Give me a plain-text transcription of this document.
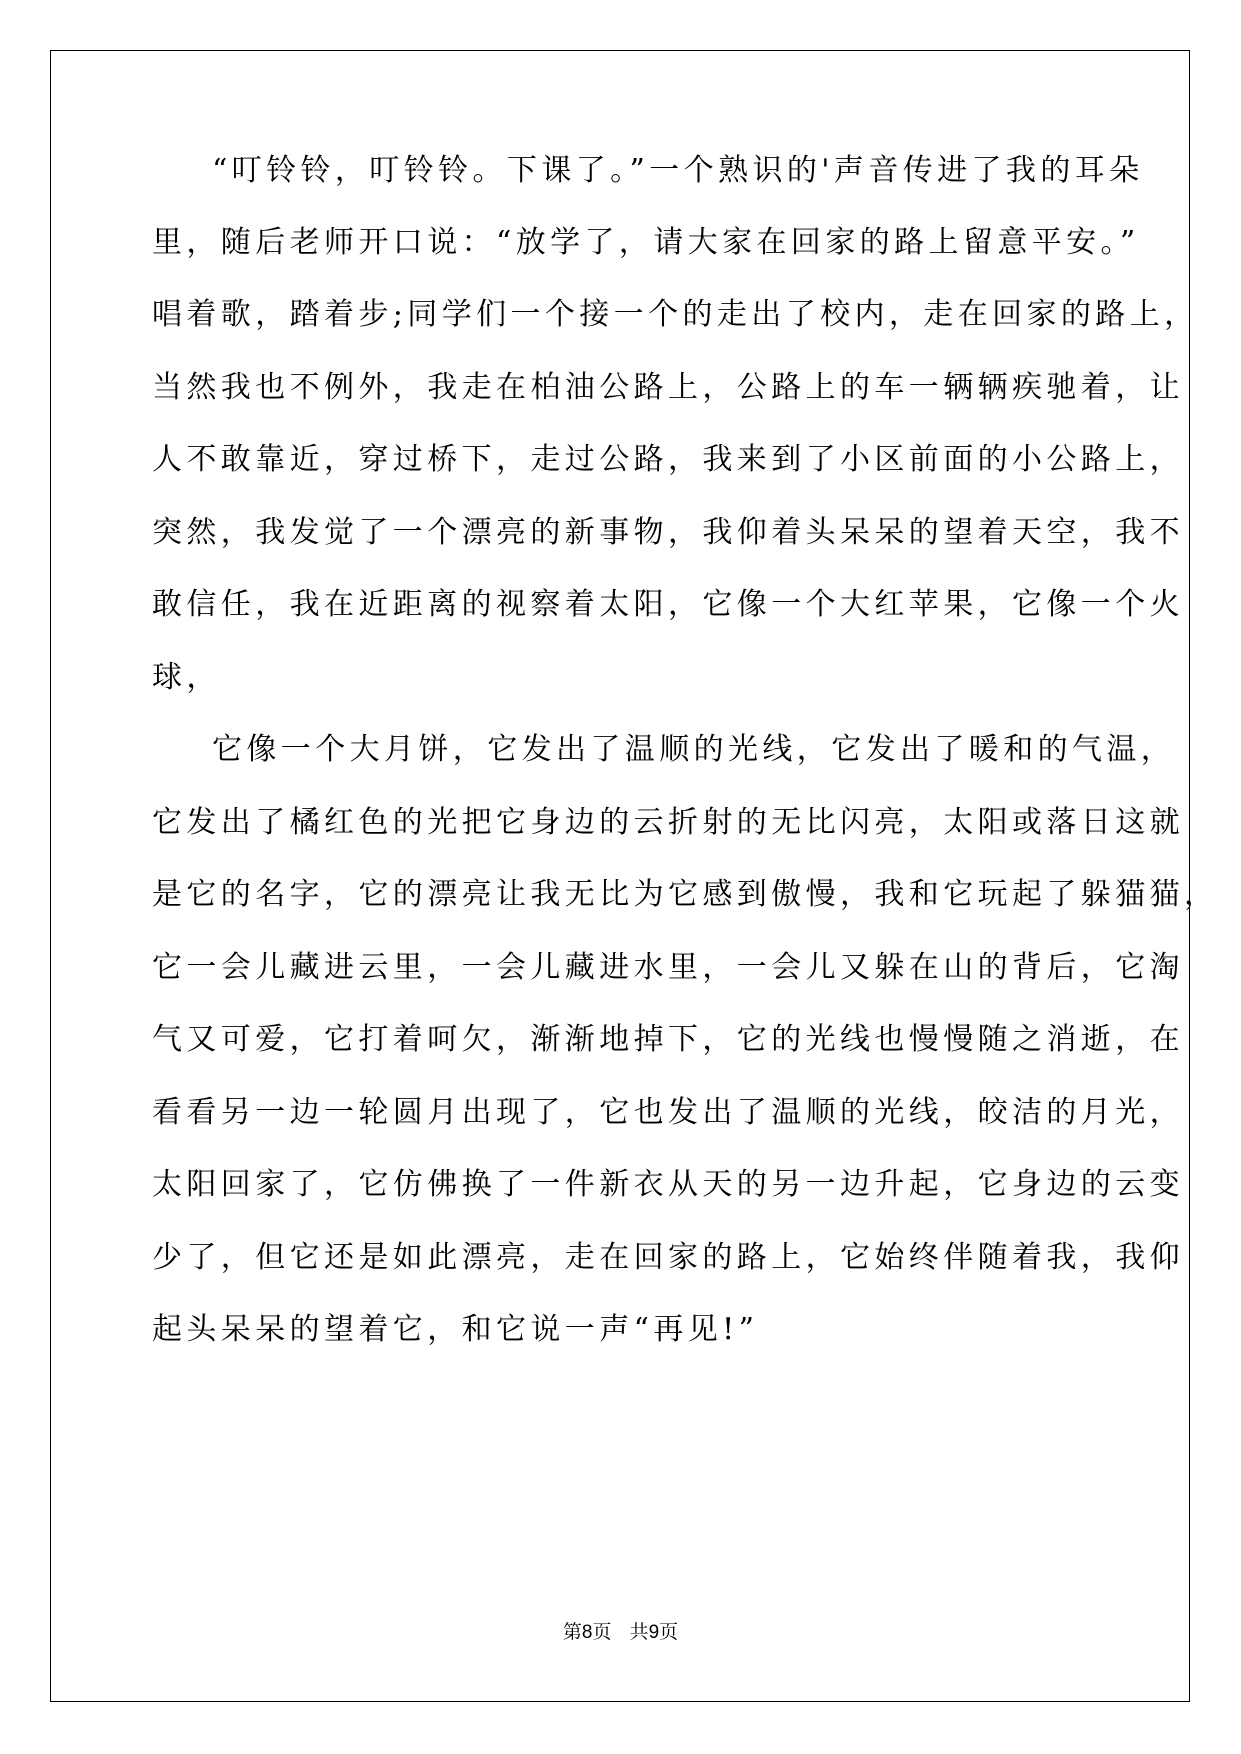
“叮铃铃，叮铃铃。下课了。”一个熟识的'声音传进了我的耳朵
里，随后老师开口说：“放学了，请大家在回家的路上留意平安。”
唱着歌，踏着步;同学们一个接一个的走出了校内，走在回家的路上，
当然我也不例外，我走在柏油公路上，公路上的车一辆辆疾驰着，让
人不敢靠近，穿过桥下，走过公路，我来到了小区前面的小公路上，
突然，我发觉了一个漂亮的新事物，我仰着头呆呆的望着天空，我不
敢信任，我在近距离的视察着太阳，它像一个大红苹果，它像一个火
球，
它像一个大月饼，它发出了温顺的光线，它发出了暖和的气温，
它发出了橘红色的光把它身边的云折射的无比闪亮，太阳或落日这就
是它的名字，它的漂亮让我无比为它感到傲慢，我和它玩起了躲猫猫，
它一会儿藏进云里，一会儿藏进水里，一会儿又躲在山的背后，它淘
气又可爱，它打着呵欠，渐渐地掉下，它的光线也慢慢随之消逝，在
看看另一边一轮圆月出现了，它也发出了温顺的光线，皎洁的月光，
太阳回家了，它仿佛换了一件新衣从天的另一边升起，它身边的云变
少了，但它还是如此漂亮，走在回家的路上，它始终伴随着我，我仰
起头呆呆的望着它，和它说一声“再见!”
第8页   共9页
